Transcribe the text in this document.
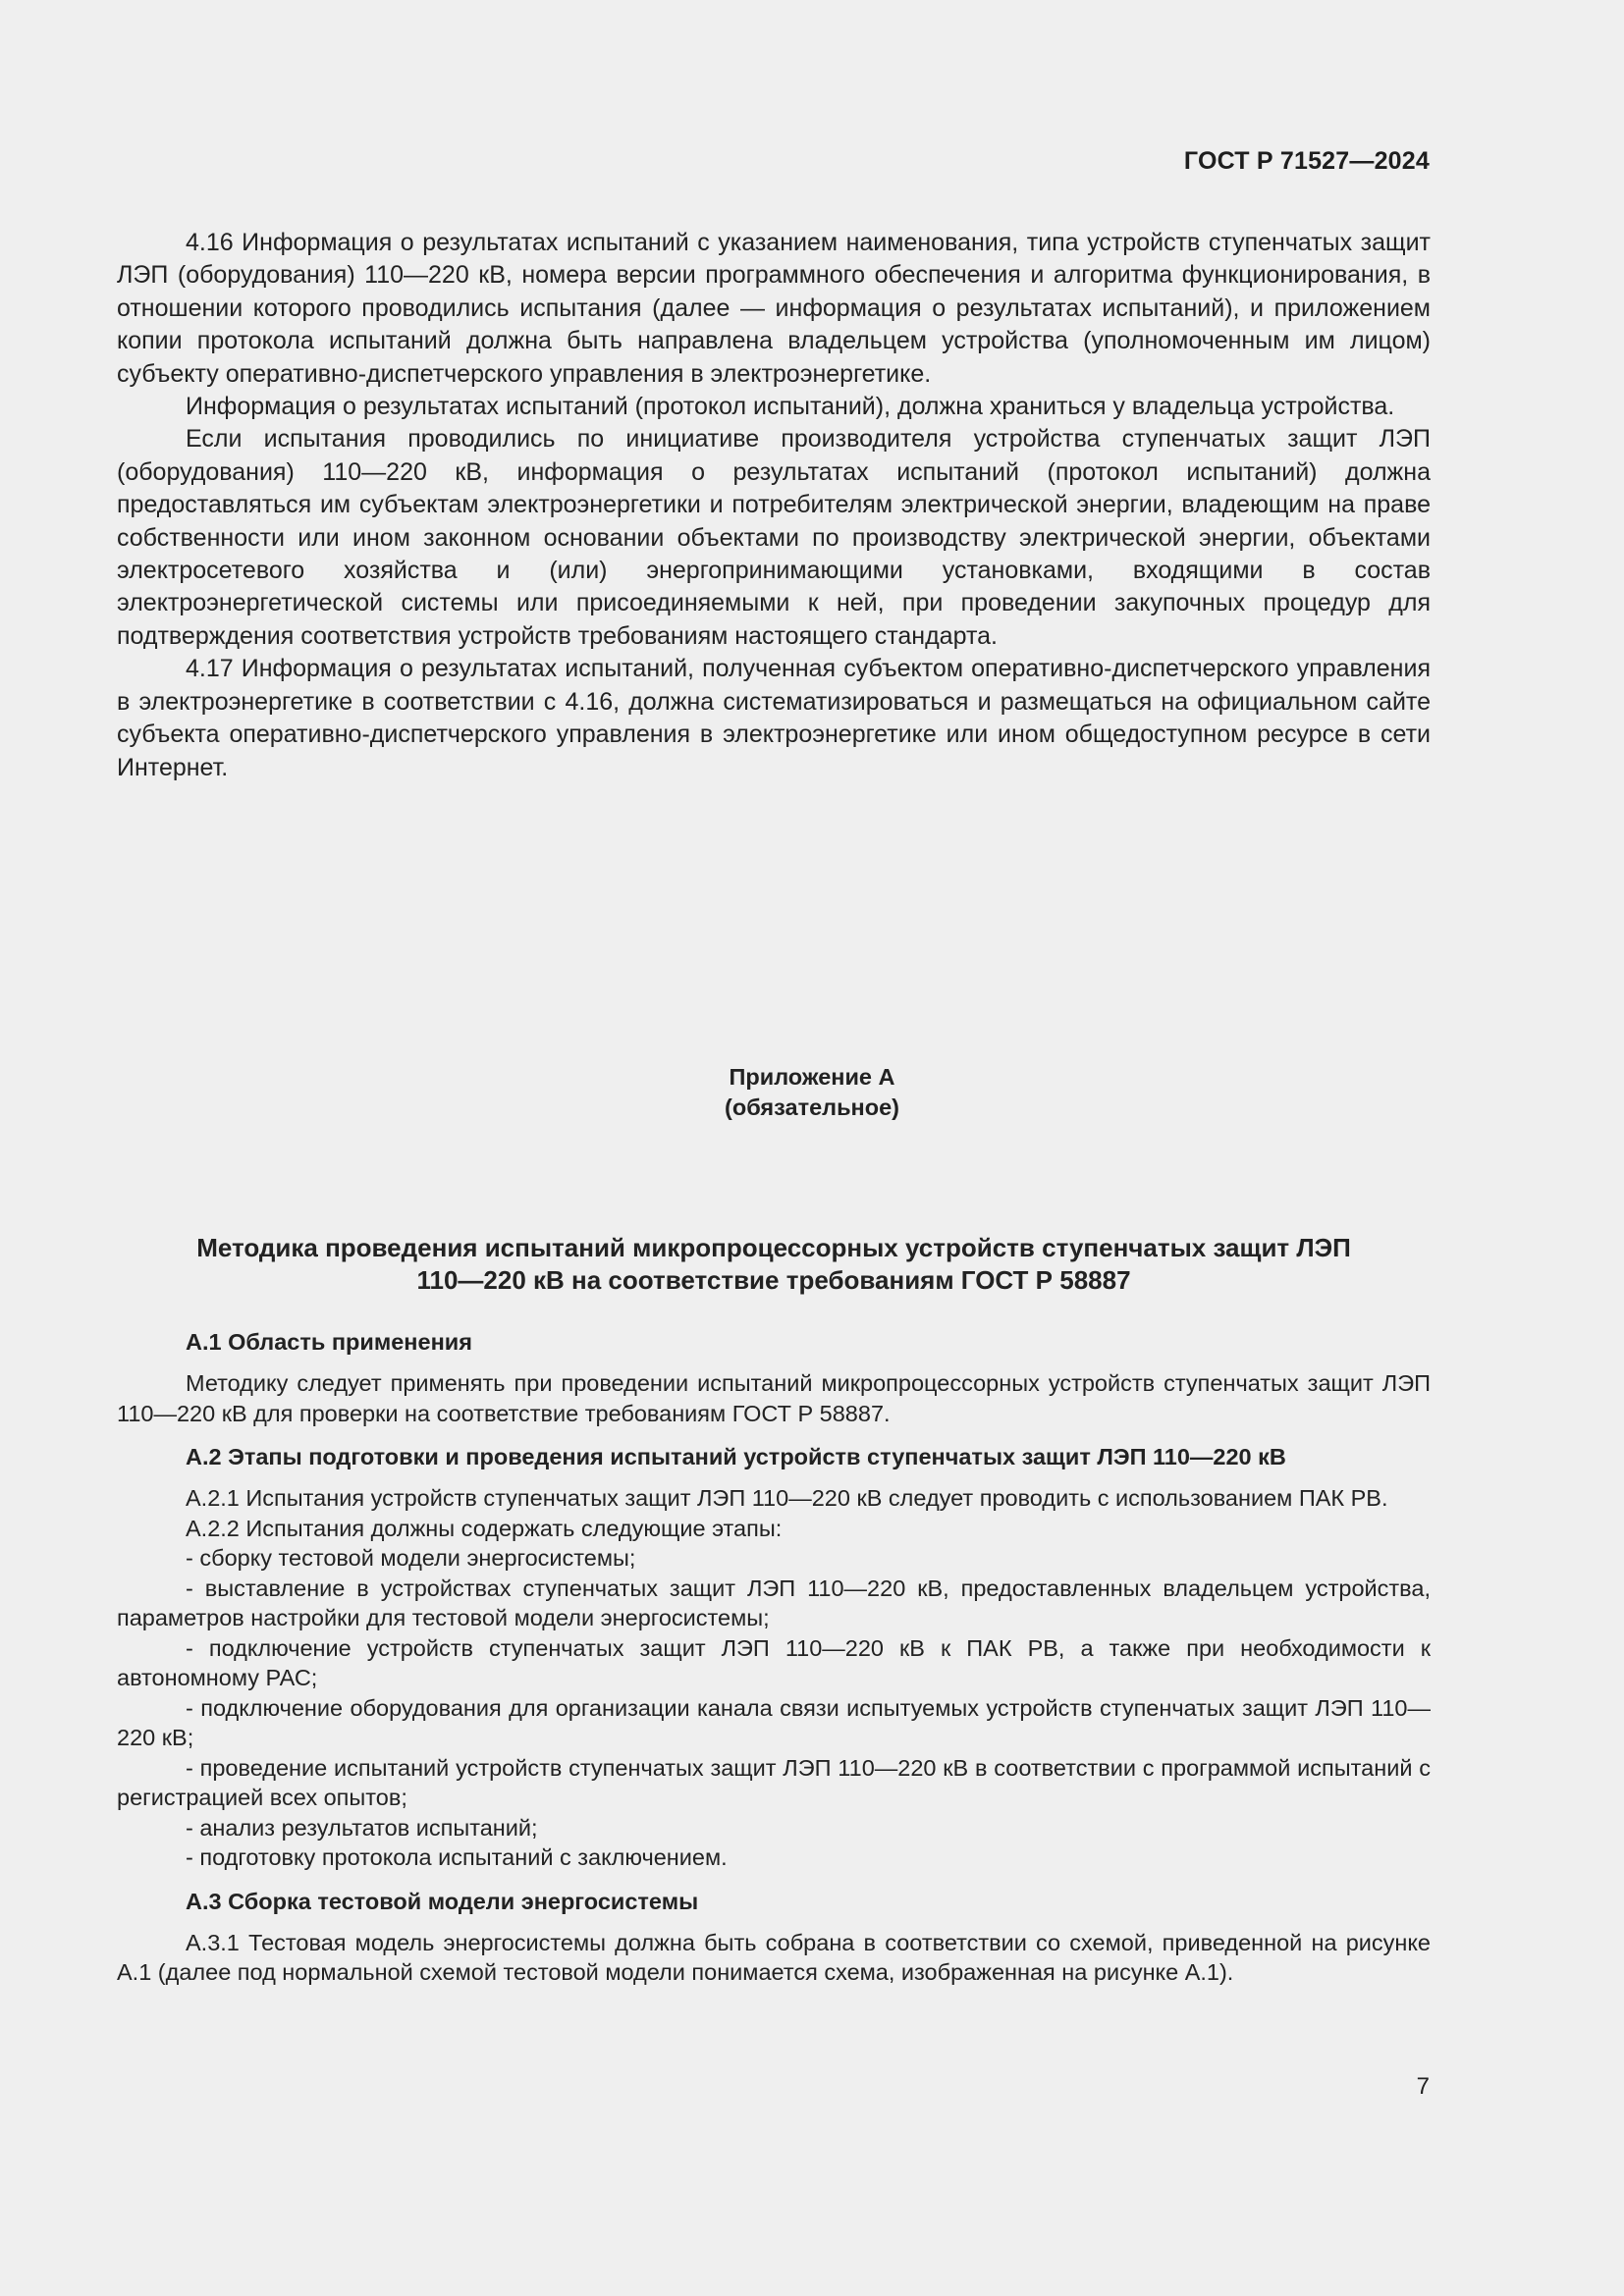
ГОСТ Р 71527—2024

4.16 Информация о результатах испытаний с указанием наименования, типа устройств ступенчатых защит ЛЭП (оборудования) 110—220 кВ, номера версии программного обеспечения и алгоритма функционирования, в отношении которого проводились испытания (далее — информация о результатах испытаний), и приложением копии протокола испытаний должна быть направлена владельцем устройства (уполномоченным им лицом) субъекту оперативно-диспетчерского управления в электроэнергетике.

Информация о результатах испытаний (протокол испытаний), должна храниться у владельца устройства.

Если испытания проводились по инициативе производителя устройства ступенчатых защит ЛЭП (оборудования) 110—220 кВ, информация о результатах испытаний (протокол испытаний) должна предоставляться им субъектам электроэнергетики и потребителям электрической энергии, владеющим на праве собственности или ином законном основании объектами по производству электрической энергии, объектами электросетевого хозяйства и (или) энергопринимающими установками, входящими в состав электроэнергетической системы или присоединяемыми к ней, при проведении закупочных процедур для подтверждения соответствия устройств требованиям настоящего стандарта.

4.17 Информация о результатах испытаний, полученная субъектом оперативно-диспетчерского управления в электроэнергетике в соответствии с 4.16, должна систематизироваться и размещаться на официальном сайте субъекта оперативно-диспетчерского управления в электроэнергетике или ином общедоступном ресурсе в сети Интернет.

Приложение А
(обязательное)
Методика проведения испытаний микропроцессорных устройств ступенчатых защит ЛЭП
110—220 кВ на соответствие требованиям ГОСТ Р 58887

А.1 Область применения

Методику следует применять при проведении испытаний микропроцессорных устройств ступенчатых защит ЛЭП 110—220 кВ для проверки на соответствие требованиям ГОСТ Р 58887.

А.2 Этапы подготовки и проведения испытаний устройств ступенчатых защит ЛЭП 110—220 кВ

А.2.1 Испытания устройств ступенчатых защит ЛЭП 110—220 кВ следует проводить с использованием ПАК РВ.

А.2.2 Испытания должны содержать следующие этапы:

- сборку тестовой модели энергосистемы;

- выставление в устройствах ступенчатых защит ЛЭП 110—220 кВ, предоставленных владельцем устройства, параметров настройки для тестовой модели энергосистемы;

- подключение устройств ступенчатых защит ЛЭП 110—220 кВ к ПАК РВ, а также при необходимости к автономному РАС;

- подключение оборудования для организации канала связи испытуемых устройств ступенчатых защит ЛЭП 110—220 кВ;

- проведение испытаний устройств ступенчатых защит ЛЭП 110—220 кВ в соответствии с программой испытаний с регистрацией всех опытов;

- анализ результатов испытаний;

- подготовку протокола испытаний с заключением.

А.3 Сборка тестовой модели энергосистемы

А.3.1 Тестовая модель энергосистемы должна быть собрана в соответствии со схемой, приведенной на рисунке А.1 (далее под нормальной схемой тестовой модели понимается схема, изображенная на рисунке А.1).

7
